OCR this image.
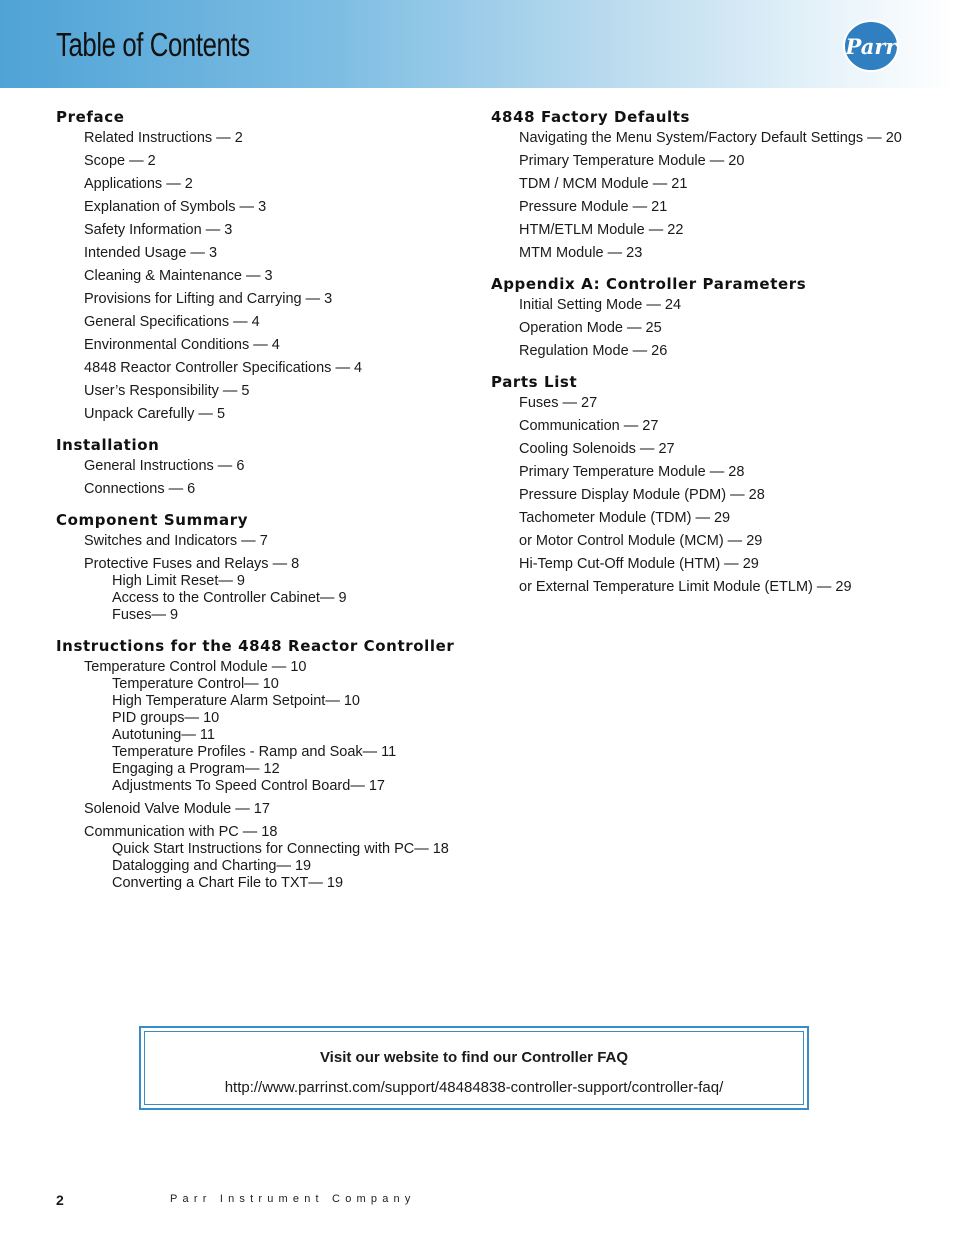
Table of Contents	Parr
Preface
Related Instructions — 2
Scope — 2
Applications — 2
Explanation of Symbols — 3
Safety Information — 3
Intended Usage — 3
Cleaning & Maintenance — 3
Provisions for Lifting and Carrying — 3
General Specifications — 4
Environmental Conditions — 4
4848 Reactor Controller Specifications — 4
User’s Responsibility — 5
Unpack Carefully — 5
Installation
General Instructions — 6
Connections — 6
Component Summary
Switches and Indicators — 7
Protective Fuses and Relays — 8
High Limit Reset— 9
Access to the Controller Cabinet— 9
Fuses— 9
Instructions for the 4848 Reactor Controller
Temperature Control Module — 10
Temperature Control— 10
High Temperature Alarm Setpoint— 10
PID groups— 10
Autotuning— 11
Temperature Profiles - Ramp and Soak— 11
Engaging a Program— 12
Adjustments To Speed Control Board— 17
Solenoid Valve Module — 17
Communication with PC — 18
Quick Start Instructions for Connecting with PC— 18
Datalogging and Charting— 19
Converting a Chart File to TXT— 19
4848 Factory Defaults
Navigating the Menu System/Factory Default Settings — 20
Primary Temperature Module — 20
TDM / MCM Module — 21
Pressure Module — 21
HTM/ETLM Module — 22
MTM Module — 23
Appendix A: Controller Parameters
Initial Setting Mode — 24
Operation Mode — 25
Regulation Mode — 26
Parts List
Fuses — 27
Communication — 27
Cooling Solenoids — 27
Primary Temperature Module — 28
Pressure Display Module (PDM) — 28
Tachometer Module (TDM) — 29
or Motor Control Module (MCM) — 29
Hi-Temp Cut-Off Module (HTM) — 29
or External Temperature Limit Module (ETLM) — 29
Visit our website to find our Controller FAQ
http://www.parrinst.com/support/48484838-controller-support/controller-faq/
2	Parr Instrument Company
